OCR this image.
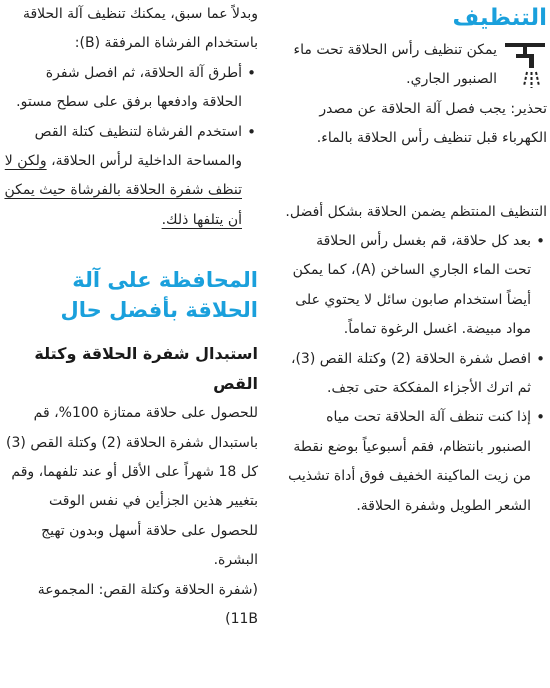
التنظيف

يمكن تنظيف رأس الحلاقة تحت ماء الصنبور الجاري.

تحذير: يجب فصل آلة الحلاقة عن مصدر الكهرباء قبل تنظيف رأس الحلاقة بالماء.

التنظيف المنتظم يضمن الحلاقة بشكل أفضل.

• بعد كل حلاقة، قم بغسل رأس الحلاقة تحت الماء الجاري الساخن (A)، كما يمكن أيضاً استخدام صابون سائل لا يحتوي على مواد مبيضة. اغسل الرغوة تماماً.
• افصل شفرة الحلاقة (2) وكتلة القص (3)، ثم اترك الأجزاء المفككة حتى تجف.
• إذا كنت تنظف آلة الحلاقة تحت مياه الصنبور بانتظام، فقم أسبوعياً بوضع نقطة من زيت الماكينة الخفيف فوق أداة تشذيب الشعر الطويل وشفرة الحلاقة.

وبدلاً عما سبق، يمكنك تنظيف آلة الحلاقة باستخدام الفرشاة المرفقة (B):

• أطرق آلة الحلاقة، ثم افصل شفرة الحلاقة وادفعها برفق على سطح مستو.
• استخدم الفرشاة لتنظيف كتلة القص والمساحة الداخلية لرأس الحلاقة، ولكن لا تنظف شفرة الحلاقة بالفرشاة حيث يمكن أن يتلفها ذلك.
المحافظة على آلة الحلاقة بأفضل حال
استبدال شفرة الحلاقة وكتلة القص

للحصول على حلاقة ممتازة 100%، قم باستبدال شفرة الحلاقة (2) وكتلة القص (3) كل 18 شهراً على الأقل أو عند تلفهما، وقم بتغيير هذين الجزأين في نفس الوقت للحصول على حلاقة أسهل وبدون تهيج البشرة.

(شفرة الحلاقة وكتلة القص: المجموعة 11B)
